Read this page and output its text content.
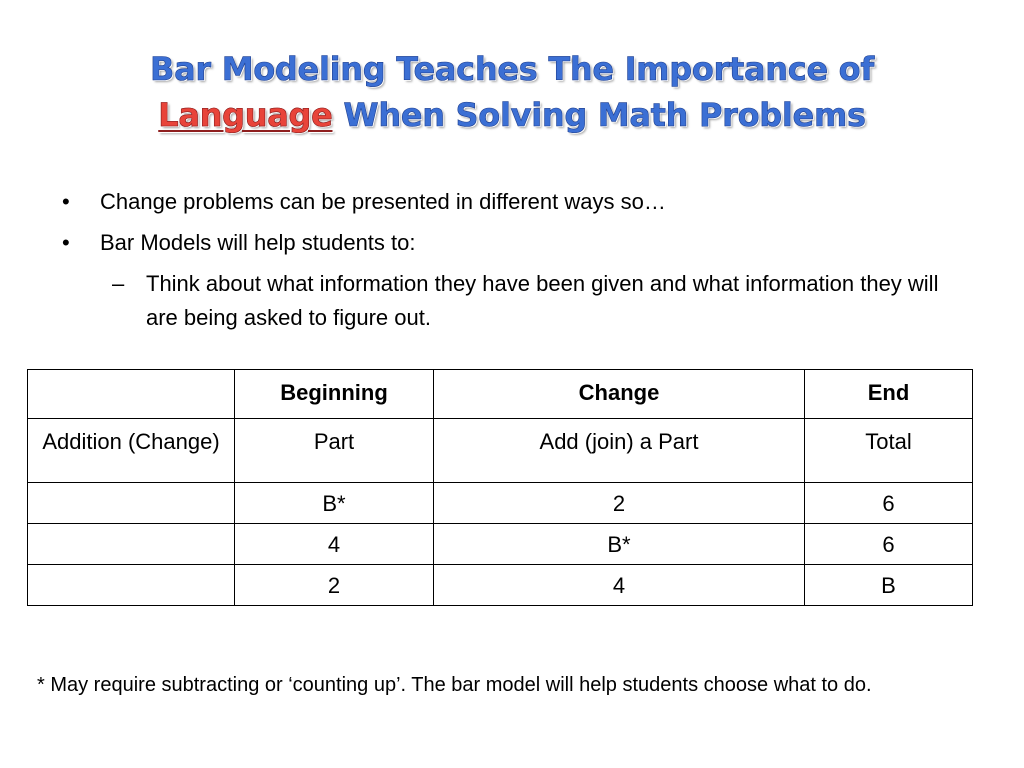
Bar Modeling Teaches The Importance of
Language When Solving Math Problems
• Change problems can be presented in different ways so…
• Bar Models will help students to:
– Think about what information they have been given and what information they will are being asked to figure out.
	Beginning	Change	End
Addition (Change)	Part	Add (join) a Part	Total
	B*	2	6
	4	B*	6
	2	4	B
* May require subtracting or ‘counting up’. The bar model will help students choose what to do.
